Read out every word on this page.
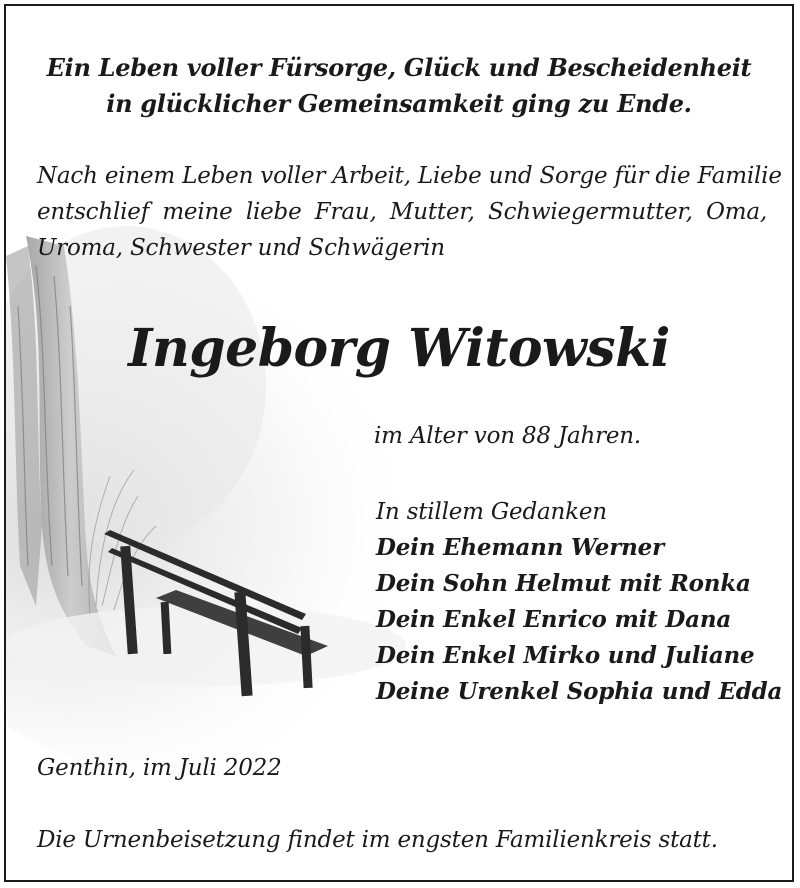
Ein Leben voller Fürsorge, Glück und Bescheidenheit
in glücklicher Gemeinsamkeit ging zu Ende.
Nach einem Leben voller Arbeit, Liebe und Sorge für die Familie
entschlief meine liebe Frau, Mutter, Schwiegermutter, Oma,
Uroma, Schwester und Schwägerin
Ingeborg Witowski
im Alter von 88 Jahren.
In stillem Gedanken
Dein Ehemann Werner
Dein Sohn Helmut mit Ronka
Dein Enkel Enrico mit Dana
Dein Enkel Mirko und Juliane
Deine Urenkel Sophia und Edda
Genthin, im Juli 2022
Die Urnenbeisetzung findet im engsten Familienkreis statt.
